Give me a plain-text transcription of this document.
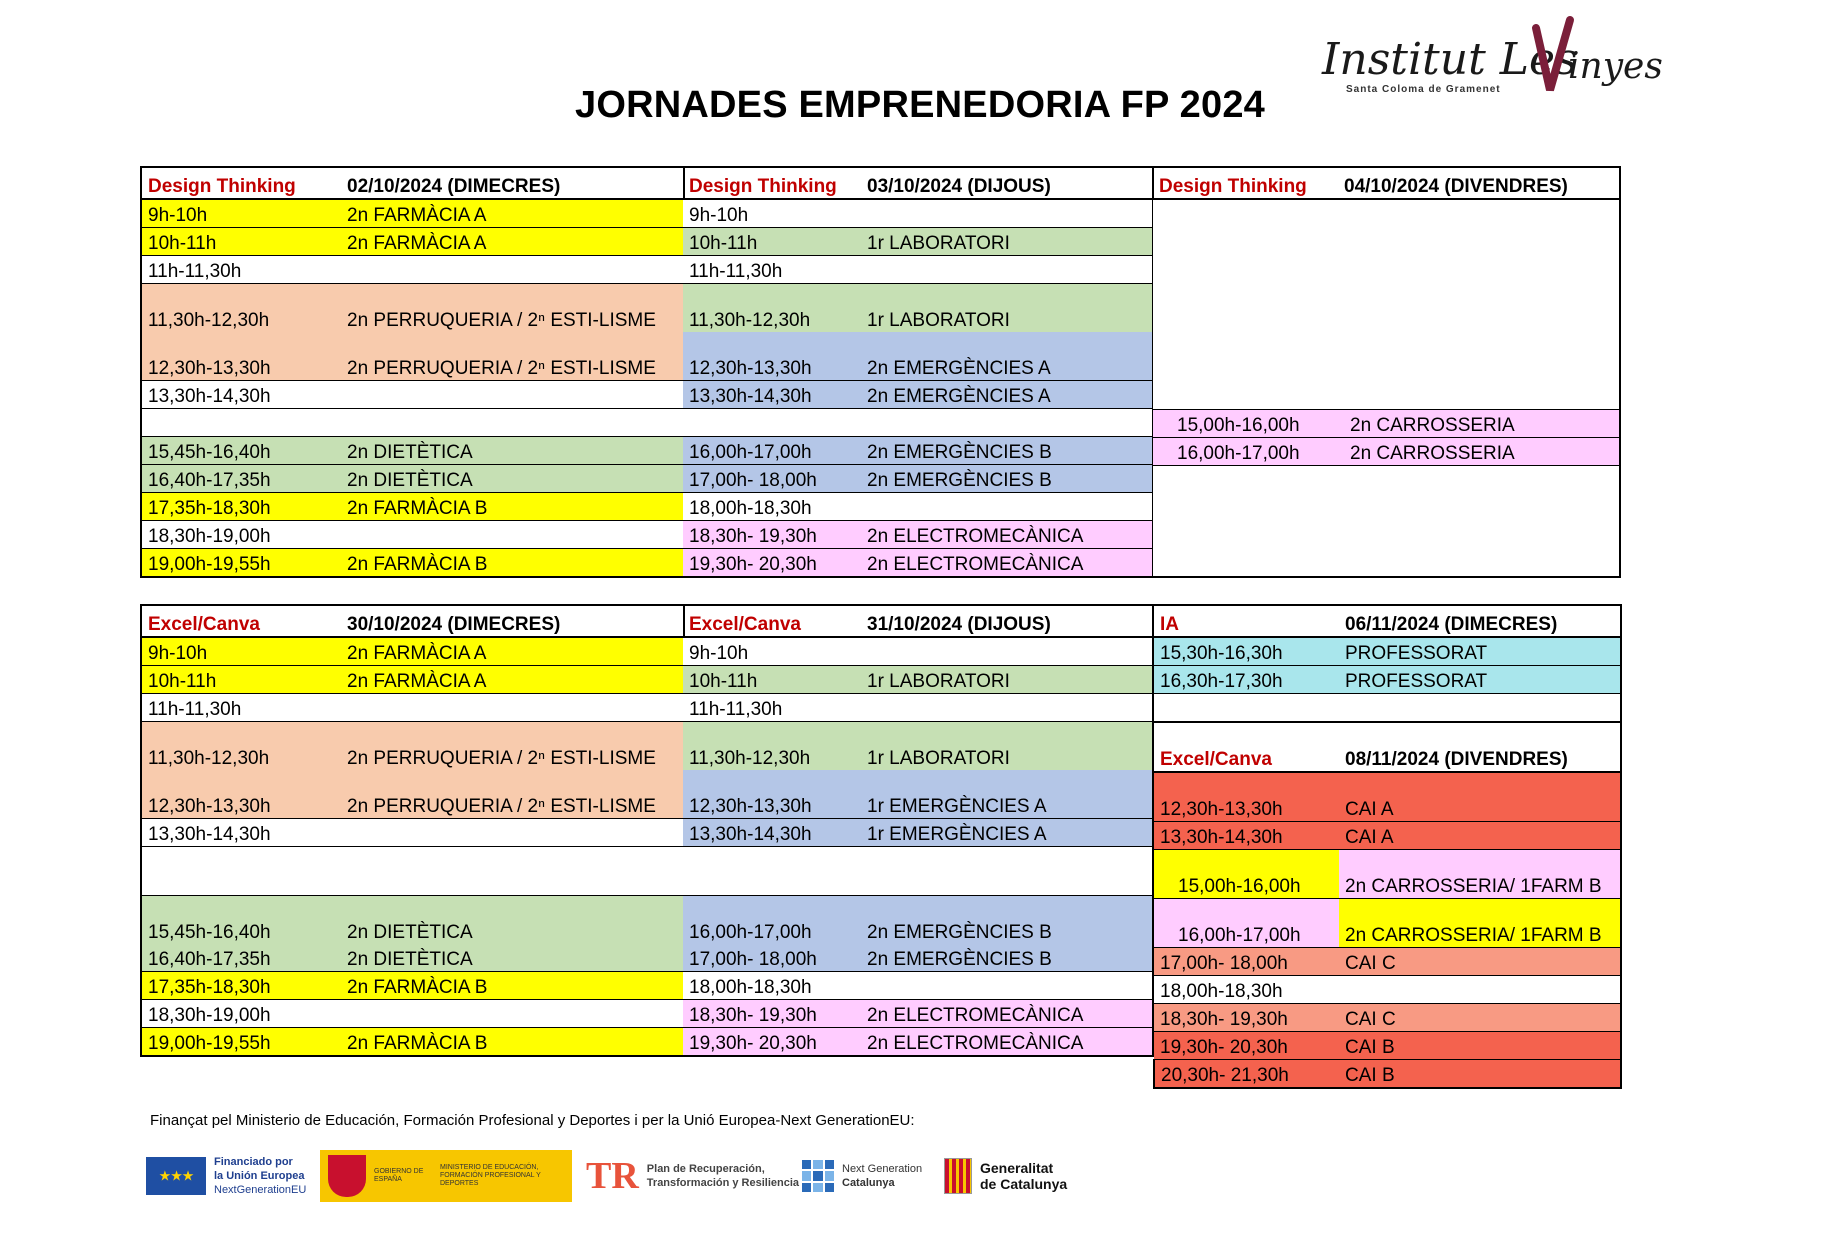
JORNADES EMPRENEDORIA FP 2024
Institut Les
inyes
Santa Coloma de Gramenet
Design Thinking	02/10/2024 (DIMECRES)
9h-10h	2n FARMÀCIA A
10h-11h	2n FARMÀCIA A
11h-11,30h	
11,30h-12,30h	2n PERRUQUERIA / 2ⁿ ESTI-LISME
12,30h-13,30h	2n PERRUQUERIA / 2ⁿ ESTI-LISME
13,30h-14,30h	

15,45h-16,40h	2n DIETÈTICA
16,40h-17,35h	2n DIETÈTICA
17,35h-18,30h	2n FARMÀCIA B
18,30h-19,00h	
19,00h-19,55h	2n FARMÀCIA B
Design Thinking	03/10/2024 (DIJOUS)
9h-10h	
10h-11h	1r LABORATORI
11h-11,30h	
11,30h-12,30h	1r LABORATORI
12,30h-13,30h	2n EMERGÈNCIES A
13,30h-14,30h	2n EMERGÈNCIES A

16,00h-17,00h	2n EMERGÈNCIES B
17,00h- 18,00h	2n EMERGÈNCIES B
18,00h-18,30h	
18,30h- 19,30h	2n ELECTROMECÀNICA
19,30h- 20,30h	2n ELECTROMECÀNICA
Design Thinking	04/10/2024 (DIVENDRES)

15,00h-16,00h	2n CARROSSERIA
16,00h-17,00h	2n CARROSSERIA

Excel/Canva	30/10/2024 (DIMECRES)
9h-10h	2n FARMÀCIA A
10h-11h	2n FARMÀCIA A
11h-11,30h	
11,30h-12,30h	2n PERRUQUERIA / 2ⁿ ESTI-LISME
12,30h-13,30h	2n PERRUQUERIA / 2ⁿ ESTI-LISME
13,30h-14,30h	

15,45h-16,40h	2n DIETÈTICA
16,40h-17,35h	2n DIETÈTICA
17,35h-18,30h	2n FARMÀCIA B
18,30h-19,00h	
19,00h-19,55h	2n FARMÀCIA B
Excel/Canva	31/10/2024 (DIJOUS)
9h-10h	
10h-11h	1r LABORATORI
11h-11,30h	
11,30h-12,30h	1r LABORATORI
12,30h-13,30h	1r EMERGÈNCIES A
13,30h-14,30h	1r EMERGÈNCIES A

16,00h-17,00h	2n EMERGÈNCIES B
17,00h- 18,00h	2n EMERGÈNCIES B
18,00h-18,30h	
18,30h- 19,30h	2n ELECTROMECÀNICA
19,30h- 20,30h	2n ELECTROMECÀNICA
IA	06/11/2024 (DIMECRES)
15,30h-16,30h	PROFESSORAT
16,30h-17,30h	PROFESSORAT

Excel/Canva	08/11/2024 (DIVENDRES)
12,30h-13,30h	CAI A
13,30h-14,30h	CAI A
15,00h-16,00h	2n CARROSSERIA/ 1FARM B
16,00h-17,00h	2n CARROSSERIA/ 1FARM B
17,00h- 18,00h	CAI C
18,00h-18,30h	
18,30h- 19,30h	CAI C
19,30h- 20,30h	CAI B
20,30h- 21,30h	CAI B
Finançat pel Ministerio de Educación, Formación Profesional y Deportes i per la Unió Europea-Next GenerationEU:
★★★
Financiado por
la Unión Europea
NextGenerationEU
GOBIERNO DE ESPAÑA
MINISTERIO DE EDUCACIÓN, FORMACIÓN PROFESIONAL Y DEPORTES	TR Plan de Recuperación,
Transformación y Resiliencia
Next Generation
Catalunya
Generalitat
de Catalunya
